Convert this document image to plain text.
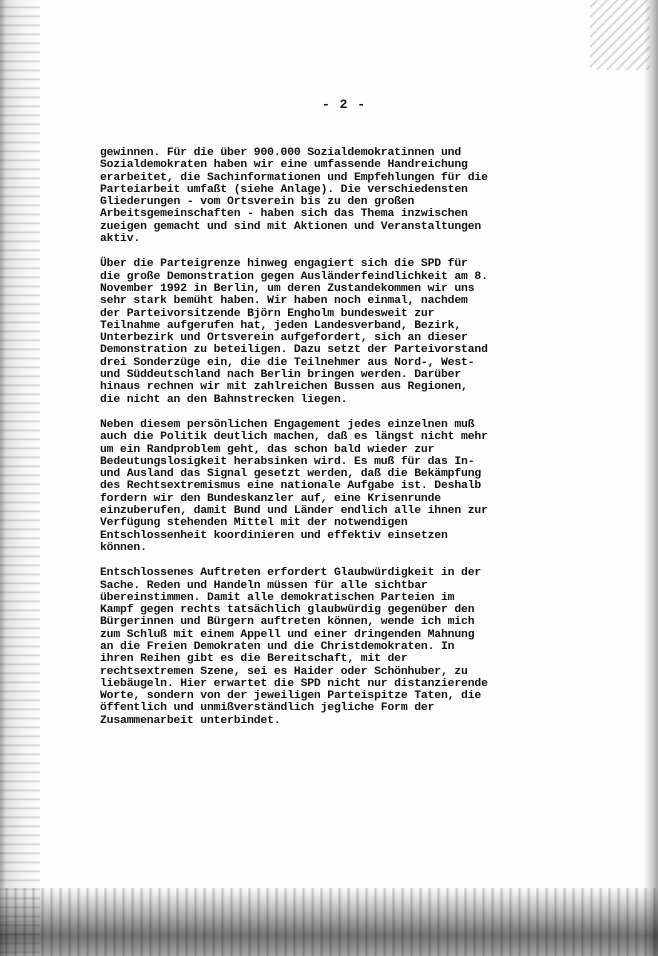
- 2 -

gewinnen. Für die über 900.000 Sozialdemokratinnen und
Sozialdemokraten haben wir eine umfassende Handreichung
erarbeitet, die Sachinformationen und Empfehlungen für die
Parteiarbeit umfaßt (siehe Anlage). Die verschiedensten
Gliederungen - vom Ortsverein bis zu den großen
Arbeitsgemeinschaften - haben sich das Thema inzwischen
zueigen gemacht und sind mit Aktionen und Veranstaltungen
aktiv.

Über die Parteigrenze hinweg engagiert sich die SPD für
die große Demonstration gegen Ausländerfeindlichkeit am 8.
November 1992 in Berlin, um deren Zustandekommen wir uns
sehr stark bemüht haben. Wir haben noch einmal, nachdem
der Parteivorsitzende Björn Engholm bundesweit zur
Teilnahme aufgerufen hat, jeden Landesverband, Bezirk,
Unterbezirk und Ortsverein aufgefordert, sich an dieser
Demonstration zu beteiligen. Dazu setzt der Parteivorstand
drei Sonderzüge ein, die die Teilnehmer aus Nord-, West-
und Süddeutschland nach Berlin bringen werden. Darüber
hinaus rechnen wir mit zahlreichen Bussen aus Regionen,
die nicht an den Bahnstrecken liegen.

Neben diesem persönlichen Engagement jedes einzelnen muß
auch die Politik deutlich machen, daß es längst nicht mehr
um ein Randproblem geht, das schon bald wieder zur
Bedeutungslosigkeit herabsinken wird. Es muß für das In-
und Ausland das Signal gesetzt werden, daß die Bekämpfung
des Rechtsextremismus eine nationale Aufgabe ist. Deshalb
fordern wir den Bundeskanzler auf, eine Krisenrunde
einzuberufen, damit Bund und Länder endlich alle ihnen zur
Verfügung stehenden Mittel mit der notwendigen
Entschlossenheit koordinieren und effektiv einsetzen
können.

Entschlossenes Auftreten erfordert Glaubwürdigkeit in der
Sache. Reden und Handeln müssen für alle sichtbar
übereinstimmen. Damit alle demokratischen Parteien im
Kampf gegen rechts tatsächlich glaubwürdig gegenüber den
Bürgerinnen und Bürgern auftreten können, wende ich mich
zum Schluß mit einem Appell und einer dringenden Mahnung
an die Freien Demokraten und die Christdemokraten. In
ihren Reihen gibt es die Bereitschaft, mit der
rechtsextremen Szene, sei es Haider oder Schönhuber, zu
liebäugeln. Hier erwartet die SPD nicht nur distanzierende
Worte, sondern von der jeweiligen Parteispitze Taten, die
öffentlich und unmißverständlich jegliche Form der
Zusammenarbeit unterbindet.
